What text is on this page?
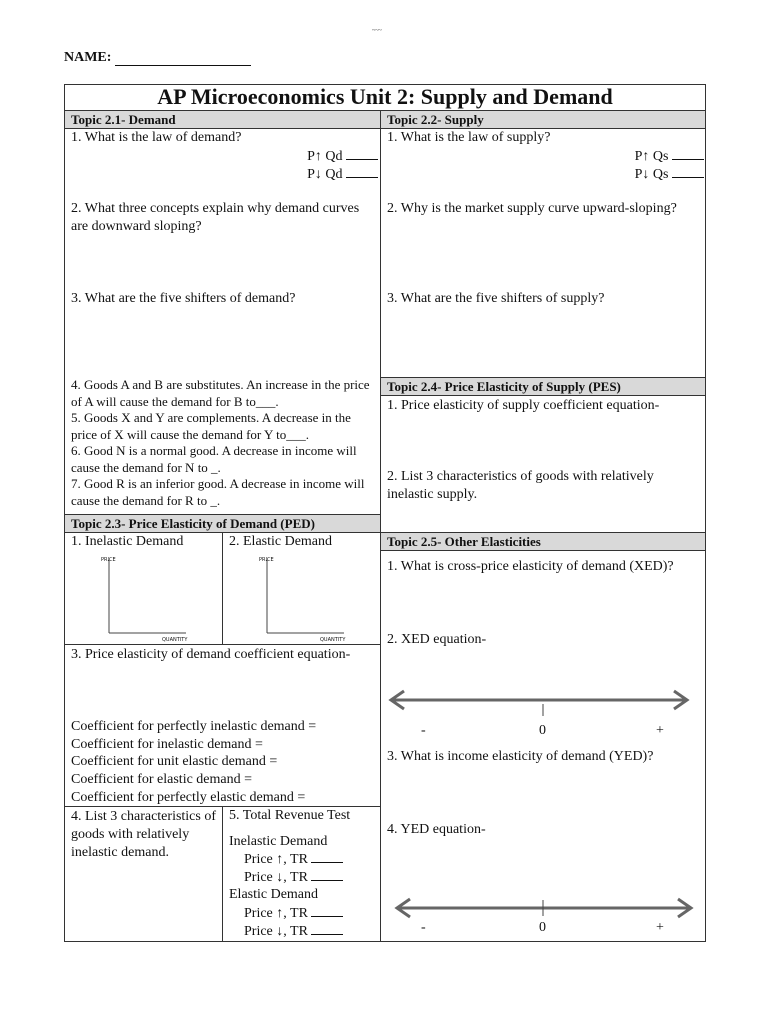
~~~
NAME:
AP Microeconomics Unit 2: Supply and Demand
Topic 2.1- Demand
1. What is the law of demand?
P↑ Qd
P↓ Qd
2. What three concepts explain why demand curves are downward sloping?
3. What are the five shifters of demand?
4. Goods A and B are substitutes. An increase in the price of A will cause the demand for B to___.
5. Goods X and Y are complements. A decrease in the price of X will cause the demand for Y to___.
6. Good N is a normal good. A decrease in income will cause the demand for N to _.
7. Good R is an inferior good. A decrease in income will cause the demand for R to _.
Topic 2.2- Supply
1. What is the law of supply?
P↑ Qs
P↓ Qs
2. Why is the market supply curve upward-sloping?
3. What are the five shifters of supply?
Topic 2.4- Price Elasticity of Supply (PES)
1. Price elasticity of supply coefficient equation-
2. List 3 characteristics of goods with relatively inelastic supply.
Topic 2.3- Price Elasticity of Demand (PED)
1. Inelastic Demand	2. Elastic Demand
PRICE
QUANTITY
PRICE
QUANTITY
3. Price elasticity of demand coefficient equation-
Coefficient for perfectly inelastic demand =
Coefficient for inelastic demand =
Coefficient for unit elastic demand =
Coefficient for elastic demand =
Coefficient for perfectly elastic demand =
4. List 3 characteristics of goods with relatively inelastic demand.
5. Total Revenue Test
Inelastic Demand
Price ↑, TR
Price ↓, TR
Elastic Demand
Price ↑, TR
Price ↓, TR
Topic 2.5- Other Elasticities
1. What is cross-price elasticity of demand (XED)?
2. XED equation-
-	0	+
3. What is income elasticity of demand (YED)?
4. YED equation-
-	0	+
